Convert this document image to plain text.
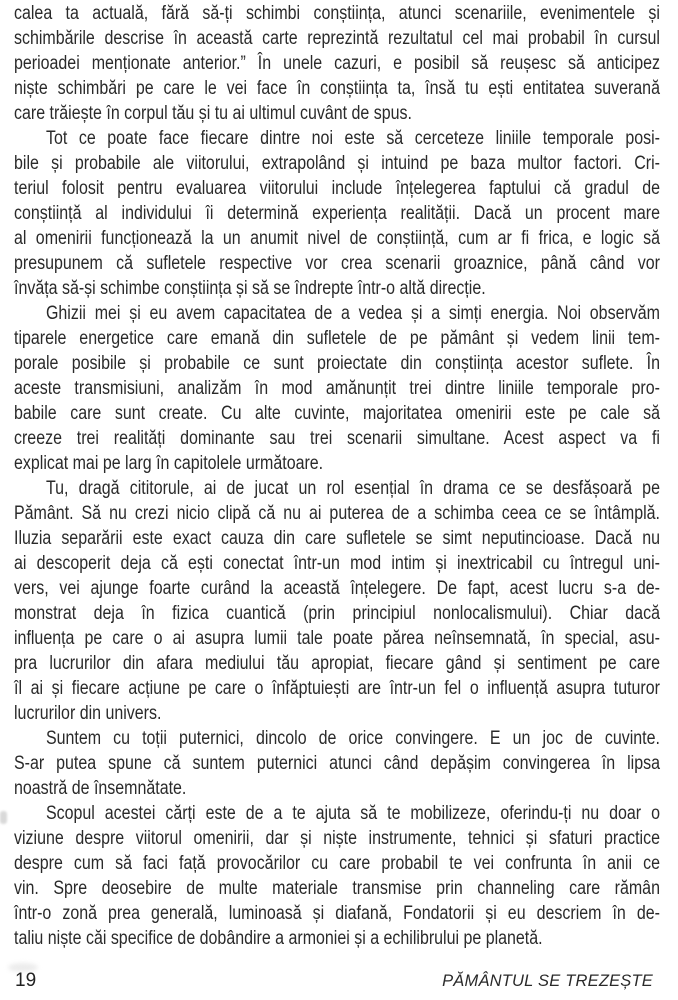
calea ta actuală, fără să-ți schimbi conștiința, atunci scenariile, evenimentele și
schimbările descrise în această carte reprezintă rezultatul cel mai probabil în cursul
perioadei menționate anterior.” În unele cazuri, e posibil să reușesc să anticipez
niște schimbări pe care le vei face în conștiința ta, însă tu ești entitatea suverană
care trăiește în corpul tău și tu ai ultimul cuvânt de spus.
Tot ce poate face fiecare dintre noi este să cerceteze liniile temporale posi-
bile și probabile ale viitorului, extrapolând și intuind pe baza multor factori. Cri-
teriul folosit pentru evaluarea viitorului include înțelegerea faptului că gradul de
conștiință al individului îi determină experiența realității. Dacă un procent mare
al omenirii funcționează la un anumit nivel de conștiință, cum ar fi frica, e logic să
presupunem că sufletele respective vor crea scenarii groaznice, până când vor
învăța să-și schimbe conștiința și să se îndrepte într-o altă direcție.
Ghizii mei și eu avem capacitatea de a vedea și a simți energia. Noi observăm
tiparele energetice care emană din sufletele de pe pământ și vedem linii tem-
porale posibile și probabile ce sunt proiectate din conștiința acestor suflete. În
aceste transmisiuni, analizăm în mod amănunțit trei dintre liniile temporale pro-
babile care sunt create. Cu alte cuvinte, majoritatea omenirii este pe cale să
creeze trei realități dominante sau trei scenarii simultane. Acest aspect va fi
explicat mai pe larg în capitolele următoare.
Tu, dragă cititorule, ai de jucat un rol esențial în drama ce se desfășoară pe
Pământ. Să nu crezi nicio clipă că nu ai puterea de a schimba ceea ce se întâmplă.
Iluzia separării este exact cauza din care sufletele se simt neputincioase. Dacă nu
ai descoperit deja că ești conectat într-un mod intim și inextricabil cu întregul uni-
vers, vei ajunge foarte curând la această înțelegere. De fapt, acest lucru s-a de-
monstrat deja în fizica cuantică (prin principiul nonlocalismului). Chiar dacă
influența pe care o ai asupra lumii tale poate părea neînsemnată, în special, asu-
pra lucrurilor din afara mediului tău apropiat, fiecare gând și sentiment pe care
îl ai și fiecare acțiune pe care o înfăptuiești are într-un fel o influență asupra tuturor
lucrurilor din univers.
Suntem cu toții puternici, dincolo de orice convingere. E un joc de cuvinte.
S-ar putea spune că suntem puternici atunci când depășim convingerea în lipsa
noastră de însemnătate.
Scopul acestei cărți este de a te ajuta să te mobilizeze, oferindu-ți nu doar o
viziune despre viitorul omenirii, dar și niște instrumente, tehnici și sfaturi practice
despre cum să faci față provocărilor cu care probabil te vei confrunta în anii ce
vin. Spre deosebire de multe materiale transmise prin channeling care rămân
într-o zonă prea generală, luminoasă și diafană, Fondatorii și eu descriem în de-
taliu niște căi specifice de dobândire a armoniei și a echilibrului pe planetă.
19	PĂMÂNTUL SE TREZEȘTE
